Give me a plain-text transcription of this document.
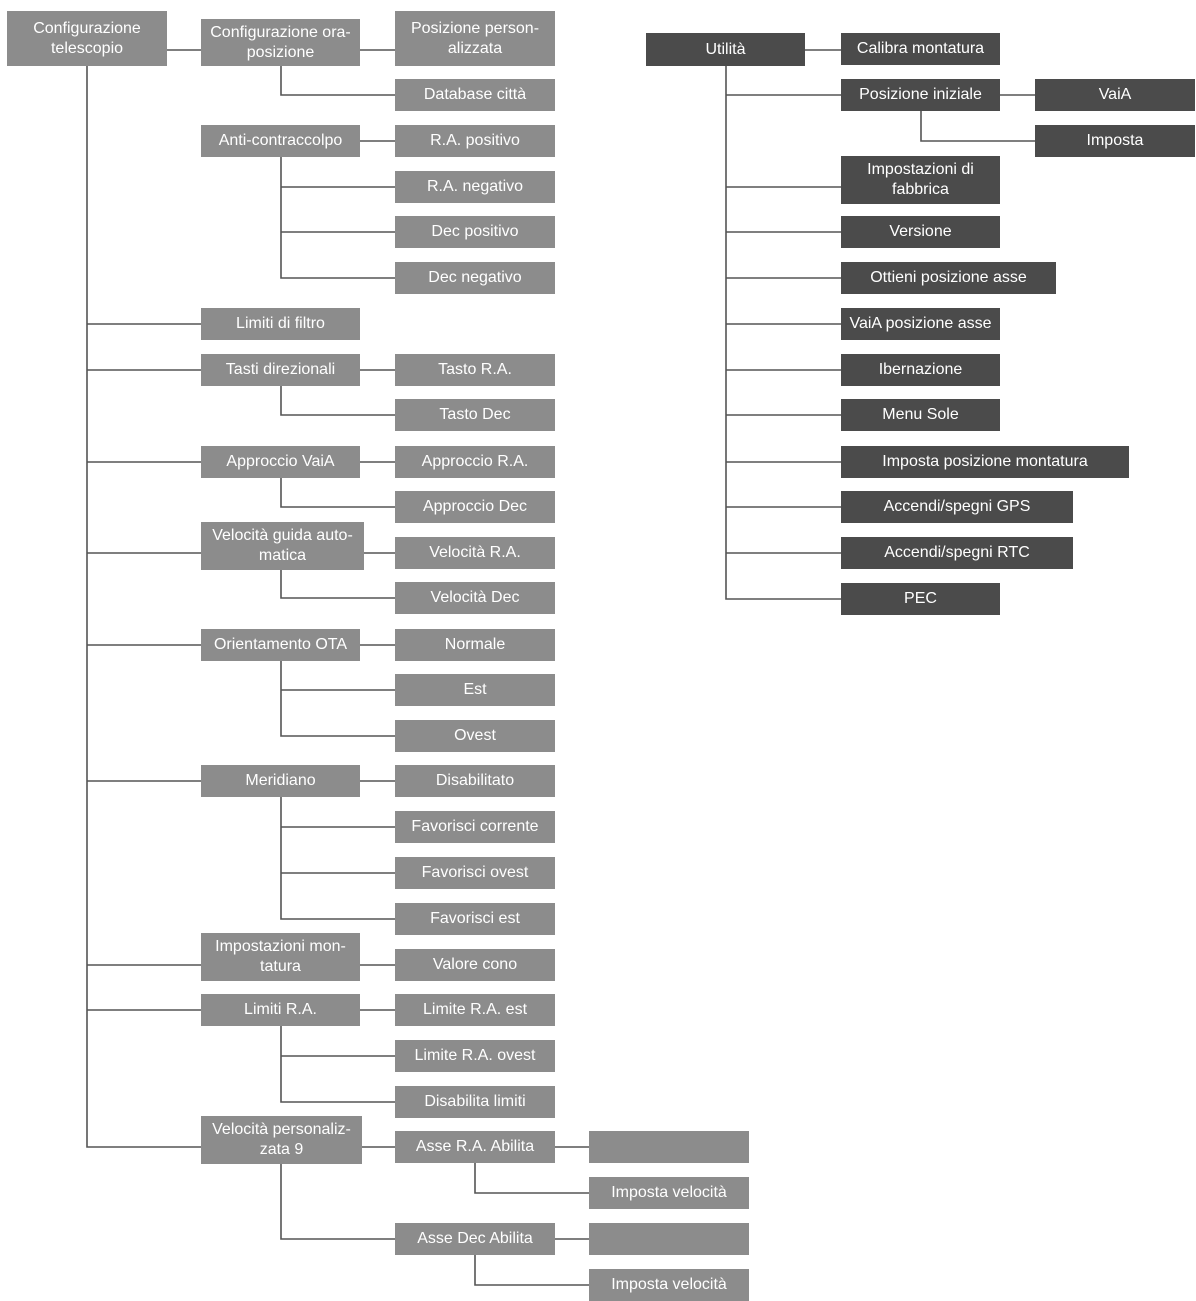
Configurazione
telescopio
Configurazione ora-
posizione
Posizione person-
alizzata
Database città
Anti-contraccolpo	R.A. positivo
R.A. negativo
Dec positivo
Dec negativo
Limiti di filtro
Tasti direzionali	Tasto R.A.
Tasto Dec
Approccio VaiA	Approccio R.A.
Approccio Dec
Velocità guida auto-
matica	Velocità R.A.
Velocità Dec
Orientamento OTA	Normale
Est
Ovest
Meridiano	Disabilitato
Favorisci corrente
Favorisci ovest
Favorisci est
Impostazioni mon-
tatura	Valore cono
Limiti R.A.	Limite R.A. est
Limite R.A. ovest
Disabilita limiti
Velocità personaliz-
zata 9	Asse R.A. Abilita
Imposta velocità
Asse Dec Abilita
Imposta velocità
Utilità	Calibra montatura
Posizione iniziale	VaiA
Imposta
Impostazioni di
fabbrica
Versione
Ottieni posizione asse
VaiA posizione asse
Ibernazione
Menu Sole
Imposta posizione montatura
Accendi/spegni GPS
Accendi/spegni RTC
PEC
